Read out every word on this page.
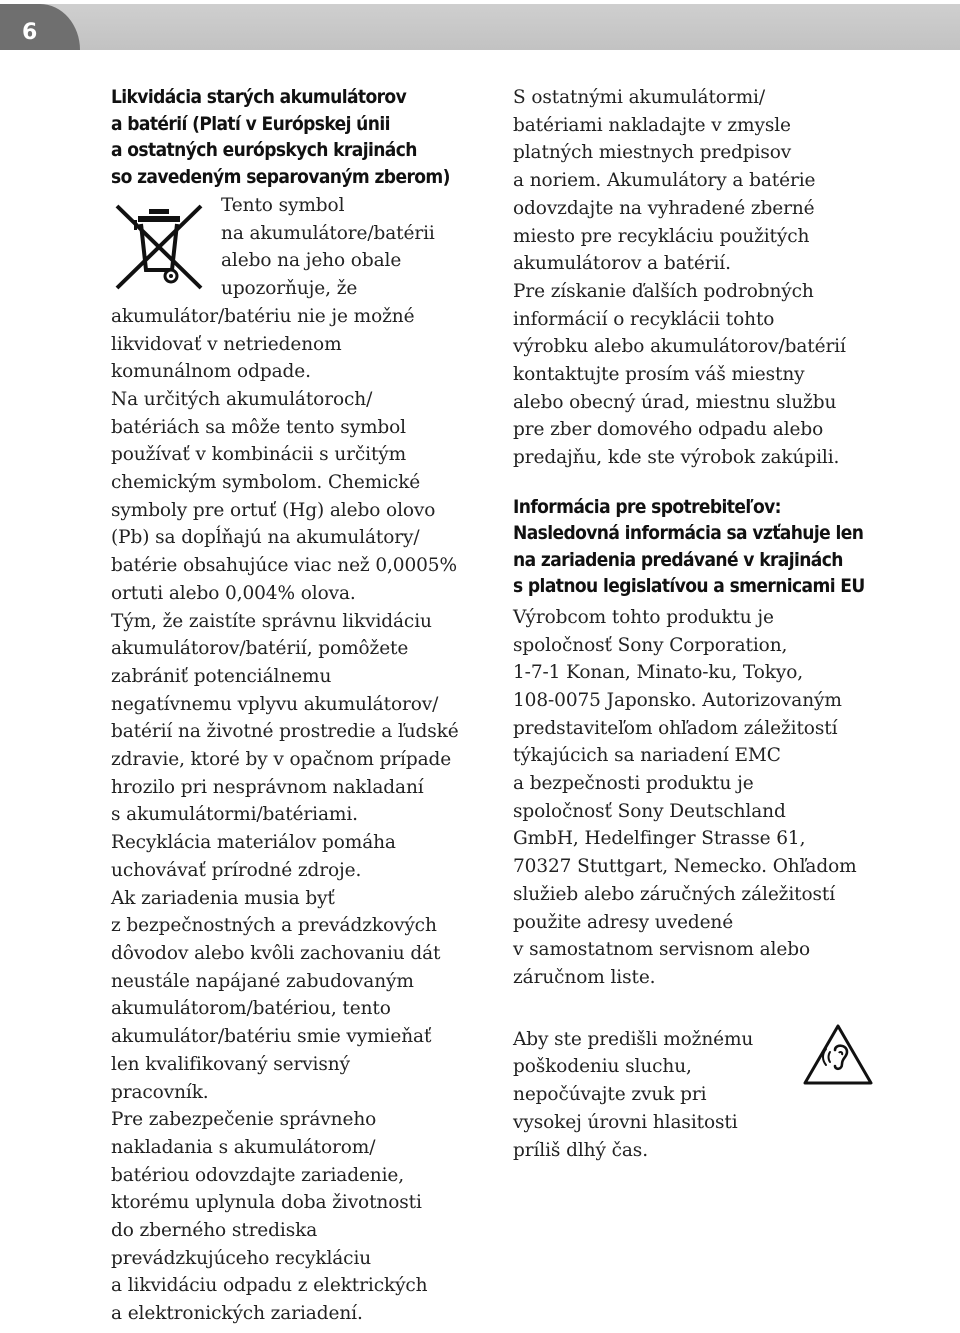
6
Likvidácia starých akumulátorov
a batérií (Platí v Európskej únii
a ostatných európskych krajinách
so zavedeným separovaným zberom)
Tento symbol
na akumulátore/batérii
alebo na jeho obale
upozorňuje, že
akumulátor/batériu nie je možné
likvidovať v netriedenom
komunálnom odpade.
Na určitých akumulátoroch/
batériách sa môže tento symbol
používať v kombinácii s určitým
chemickým symbolom. Chemické
symboly pre ortuť (Hg) alebo olovo
(Pb) sa dopĺňajú na akumulátory/
batérie obsahujúce viac než 0,0005%
ortuti alebo 0,004% olova.
Tým, že zaistíte správnu likvidáciu
akumulátorov/batérií, pomôžete
zabrániť potenciálnemu
negatívnemu vplyvu akumulátorov/
batérií na životné prostredie a ľudské
zdravie, ktoré by v opačnom prípade
hrozilo pri nesprávnom nakladaní
s akumulátormi/batériami.
Recyklácia materiálov pomáha
uchovávať prírodné zdroje.
Ak zariadenia musia byť
z bezpečnostných a prevádzkových
dôvodov alebo kvôli zachovaniu dát
neustále napájané zabudovaným
akumulátorom/batériou, tento
akumulátor/batériu smie vymieňať
len kvalifikovaný servisný
pracovník.
Pre zabezpečenie správneho
nakladania s akumulátorom/
batériou odovzdajte zariadenie,
ktorému uplynula doba životnosti
do zberného strediska
prevádzkujúceho recykláciu
a likvidáciu odpadu z elektrických
a elektronických zariadení.
S ostatnými akumulátormi/
batériami nakladajte v zmysle
platných miestnych predpisov
a noriem. Akumulátory a batérie
odovzdajte na vyhradené zberné
miesto pre recykláciu použitých
akumulátorov a batérií.
Pre získanie ďalších podrobných
informácií o recyklácii tohto
výrobku alebo akumulátorov/batérií
kontaktujte prosím váš miestny
alebo obecný úrad, miestnu službu
pre zber domového odpadu alebo
predajňu, kde ste výrobok zakúpili.
Informácia pre spotrebiteľov:
Nasledovná informácia sa vzťahuje len
na zariadenia predávané v krajinách
s platnou legislatívou a smernicami EU
Výrobcom tohto produktu je
spoločnosť Sony Corporation,
1-7-1 Konan, Minato-ku, Tokyo,
108-0075 Japonsko. Autorizovaným
predstaviteľom ohľadom záležitostí
týkajúcich sa nariadení EMC
a bezpečnosti produktu je
spoločnosť Sony Deutschland
GmbH, Hedelfinger Strasse 61,
70327 Stuttgart, Nemecko. Ohľadom
služieb alebo záručných záležitostí
použite adresy uvedené
v samostatnom servisnom alebo
záručnom liste.
Aby ste predišli možnému
poškodeniu sluchu,
nepočúvajte zvuk pri
vysokej úrovni hlasitosti
príliš dlhý čas.
